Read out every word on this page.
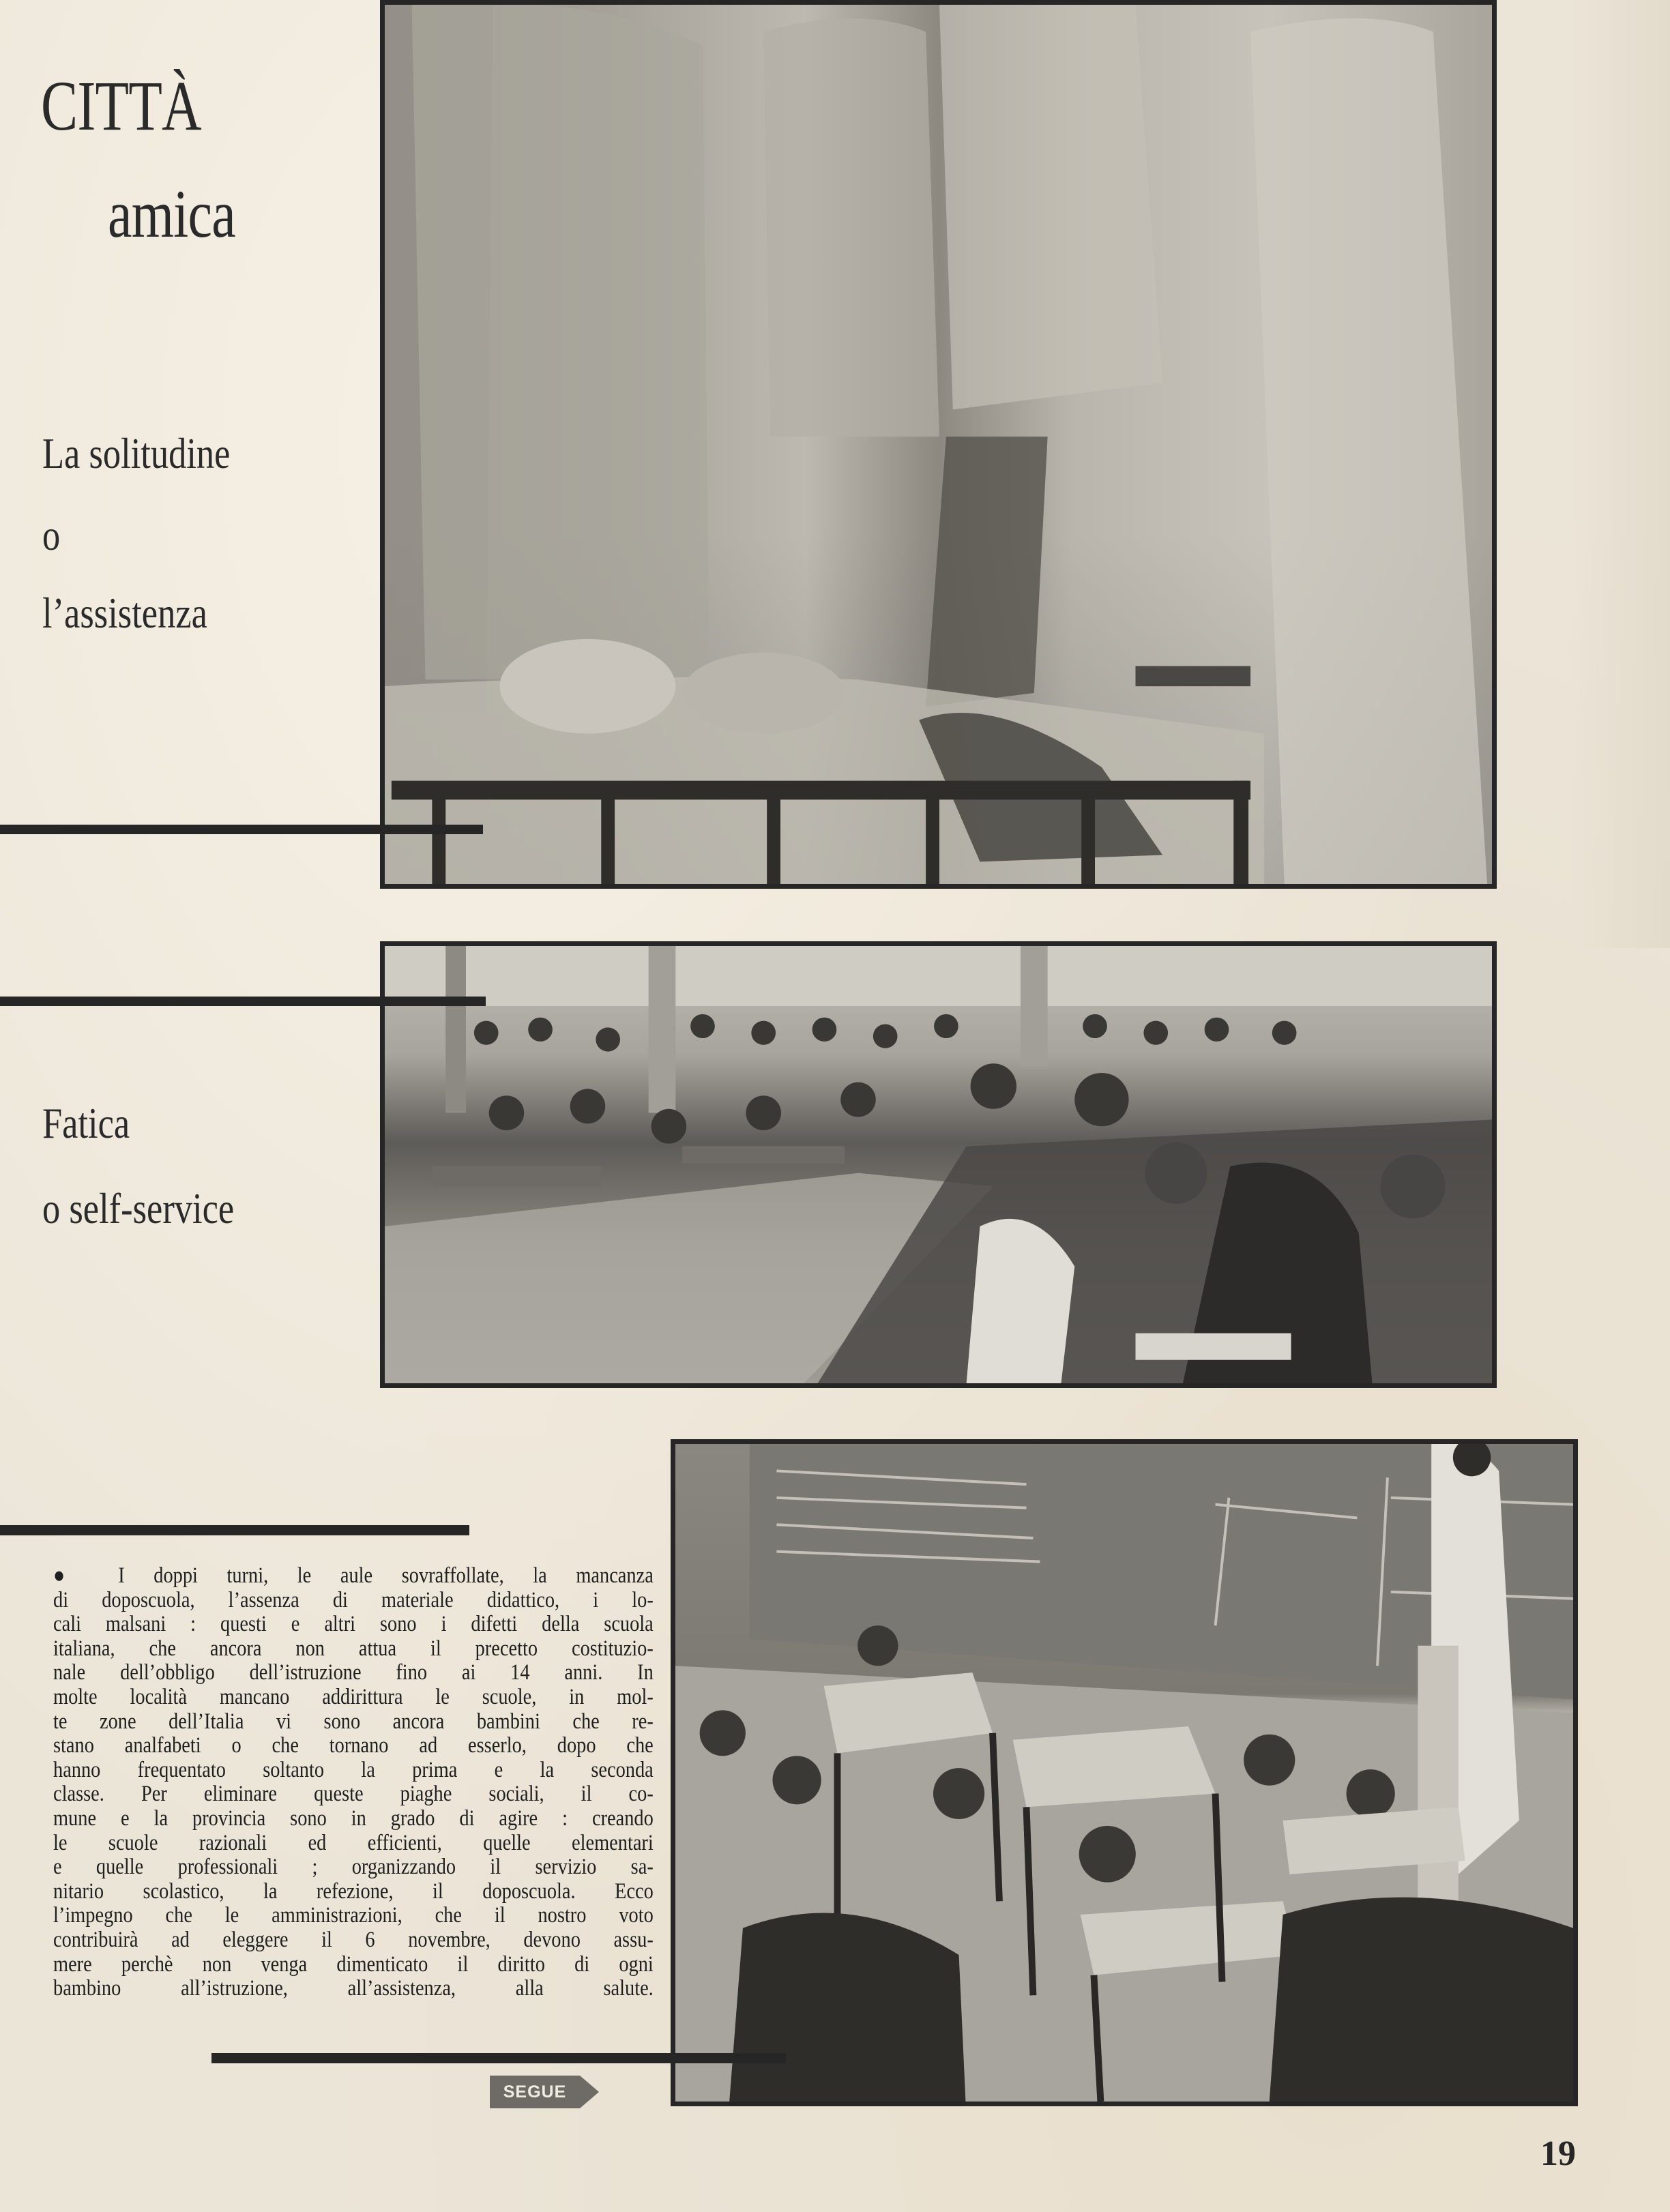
CITTÀ
amica
La solitudine
o
l’assistenza
Fatica
o self-service
● I doppi turni, le aule sovraffollate, la mancanza
di doposcuola, l’assenza di materiale didattico, i lo-
cali malsani : questi e altri sono i difetti della scuola
italiana, che ancora non attua il precetto costituzio-
nale dell’obbligo dell’istruzione fino ai 14 anni. In
molte località mancano addirittura le scuole, in mol-
te zone dell’Italia vi sono ancora bambini che re-
stano analfabeti o che tornano ad esserlo, dopo che
hanno frequentato soltanto la prima e la seconda
classe. Per eliminare queste piaghe sociali, il co-
mune e la provincia sono in grado di agire : creando
le scuole razionali ed efficienti, quelle elementari
e quelle professionali ; organizzando il servizio sa-
nitario scolastico, la refezione, il doposcuola. Ecco
l’impegno che le amministrazioni, che il nostro voto
contribuirà ad eleggere il 6 novembre, devono assu-
mere perchè non venga dimenticato il diritto di ogni
bambino all’istruzione, all’assistenza, alla salute.
SEGUE
19
